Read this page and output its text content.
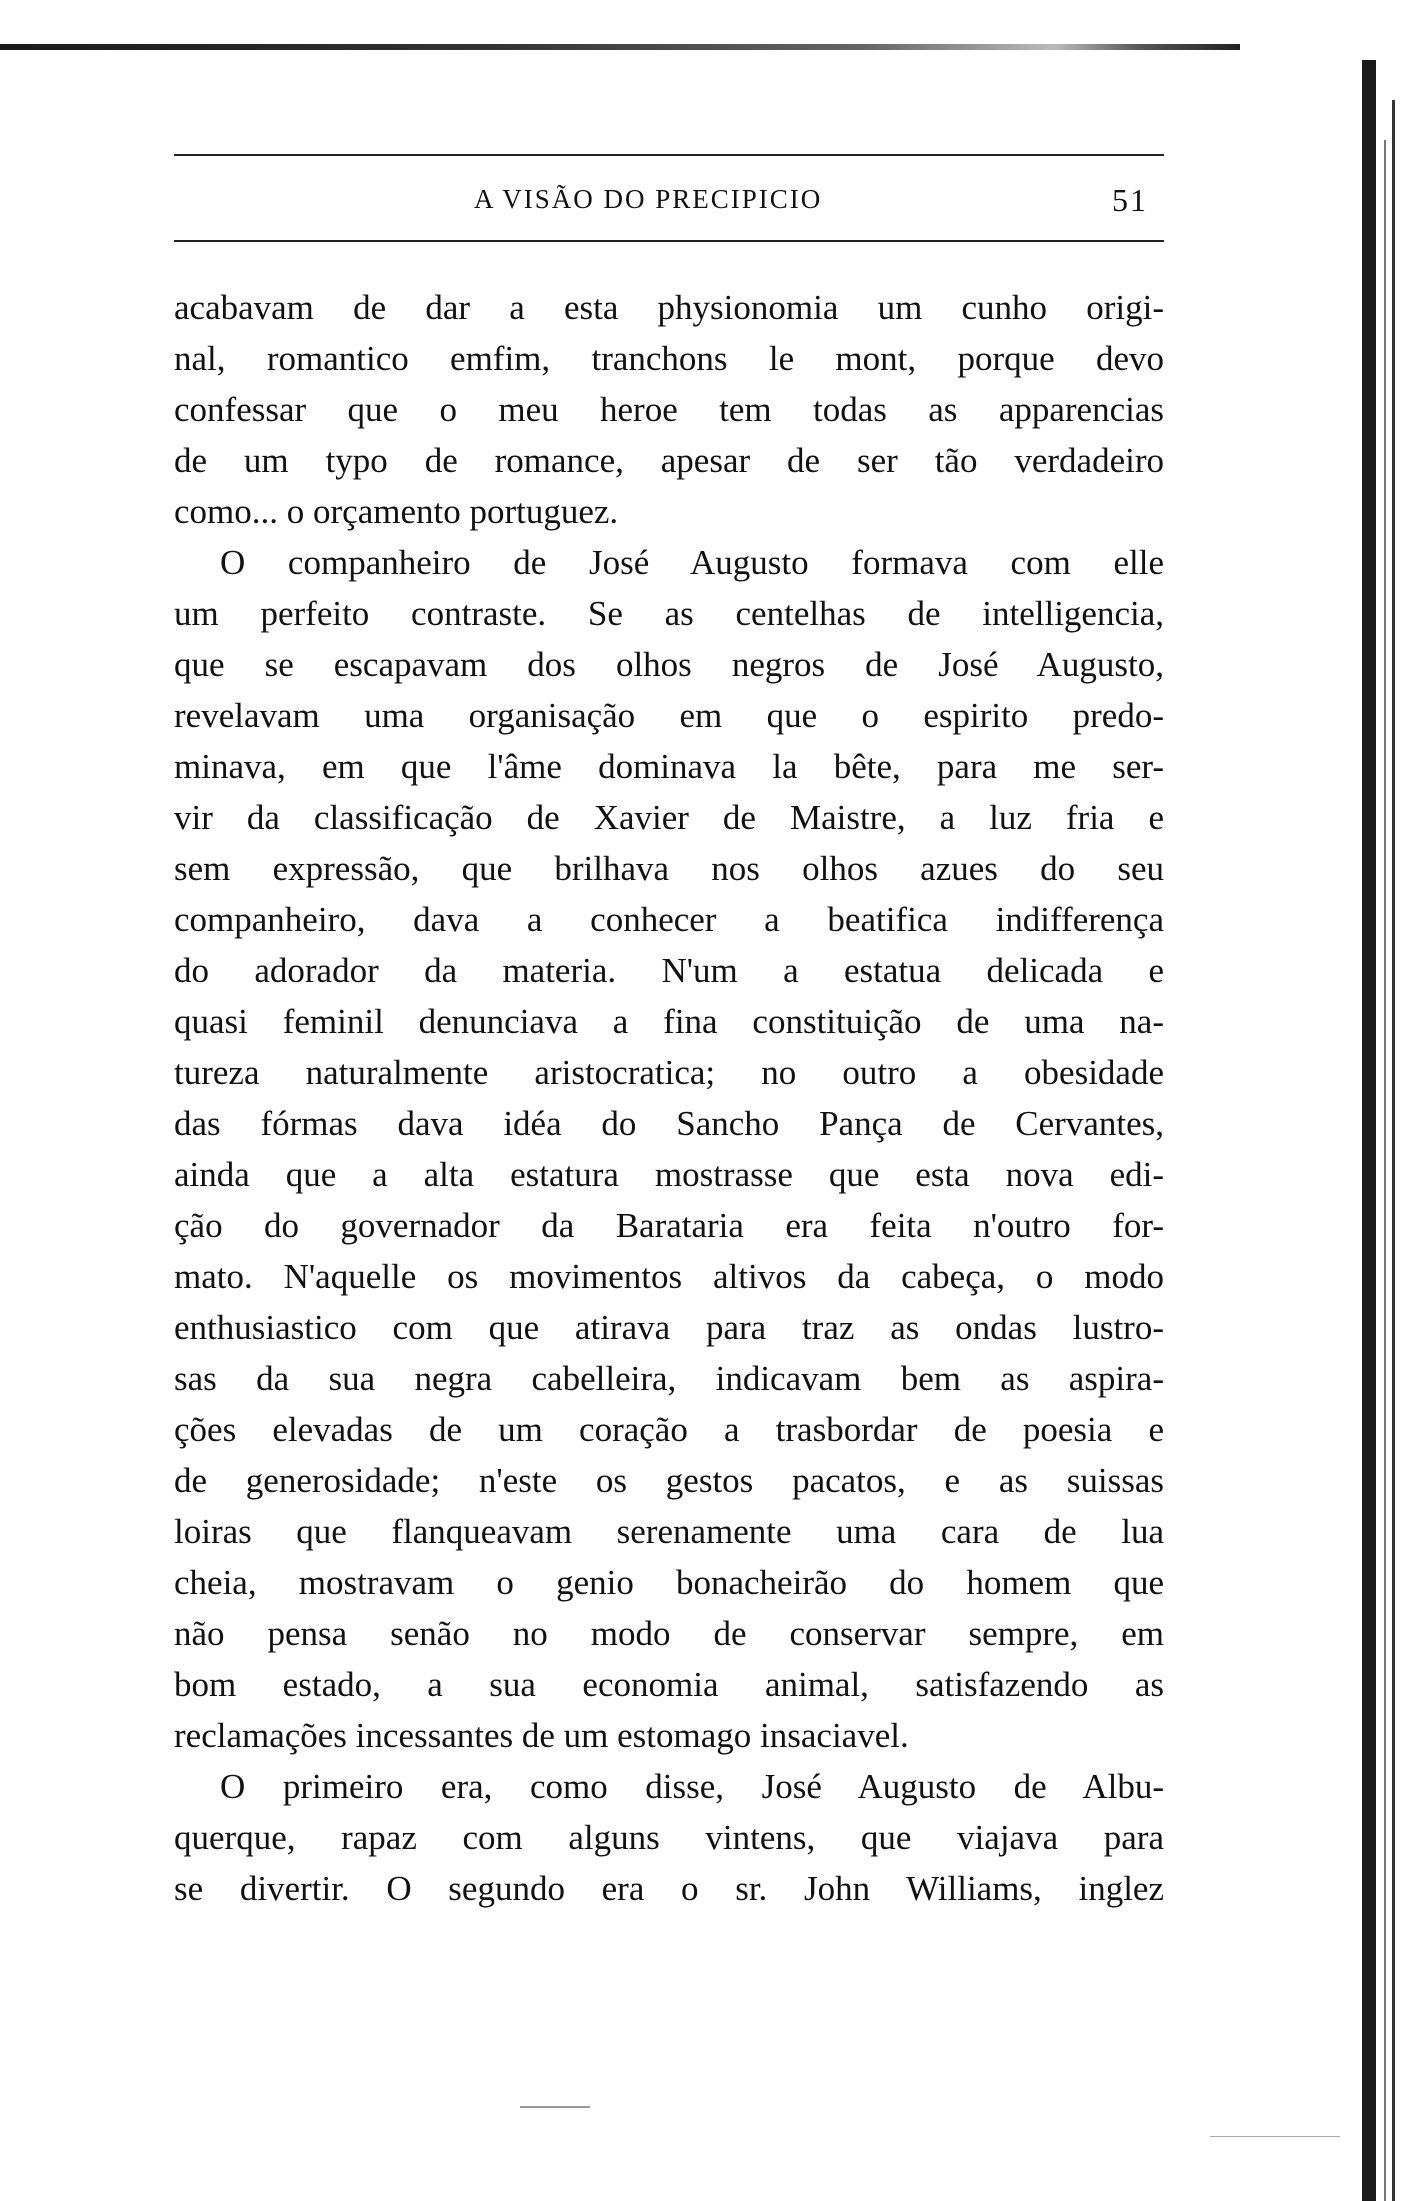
A VISÃO DO PRECIPICIO	51
acabavam de dar a esta physionomia um cunho origi-
nal, romantico emfim, tranchons le mont, porque devo
confessar que o meu heroe tem todas as apparencias
de um typo de romance, apesar de ser tão verdadeiro
como... o orçamento portuguez.
O companheiro de José Augusto formava com elle
um perfeito contraste. Se as centelhas de intelligencia,
que se escapavam dos olhos negros de José Augusto,
revelavam uma organisação em que o espirito predo-
minava, em que l'âme dominava la bête, para me ser-
vir da classificação de Xavier de Maistre, a luz fria e
sem expressão, que brilhava nos olhos azues do seu
companheiro, dava a conhecer a beatifica indifferença
do adorador da materia. N'um a estatua delicada e
quasi feminil denunciava a fina constituição de uma na-
tureza naturalmente aristocratica; no outro a obesidade
das fórmas dava idéa do Sancho Pança de Cervantes,
ainda que a alta estatura mostrasse que esta nova edi-
ção do governador da Barataria era feita n'outro for-
mato. N'aquelle os movimentos altivos da cabeça, o modo
enthusiastico com que atirava para traz as ondas lustro-
sas da sua negra cabelleira, indicavam bem as aspira-
ções elevadas de um coração a trasbordar de poesia e
de generosidade; n'este os gestos pacatos, e as suissas
loiras que flanqueavam serenamente uma cara de lua
cheia, mostravam o genio bonacheirão do homem que
não pensa senão no modo de conservar sempre, em
bom estado, a sua economia animal, satisfazendo as
reclamações incessantes de um estomago insaciavel.
O primeiro era, como disse, José Augusto de Albu-
querque, rapaz com alguns vintens, que viajava para
se divertir. O segundo era o sr. John Williams, inglez
